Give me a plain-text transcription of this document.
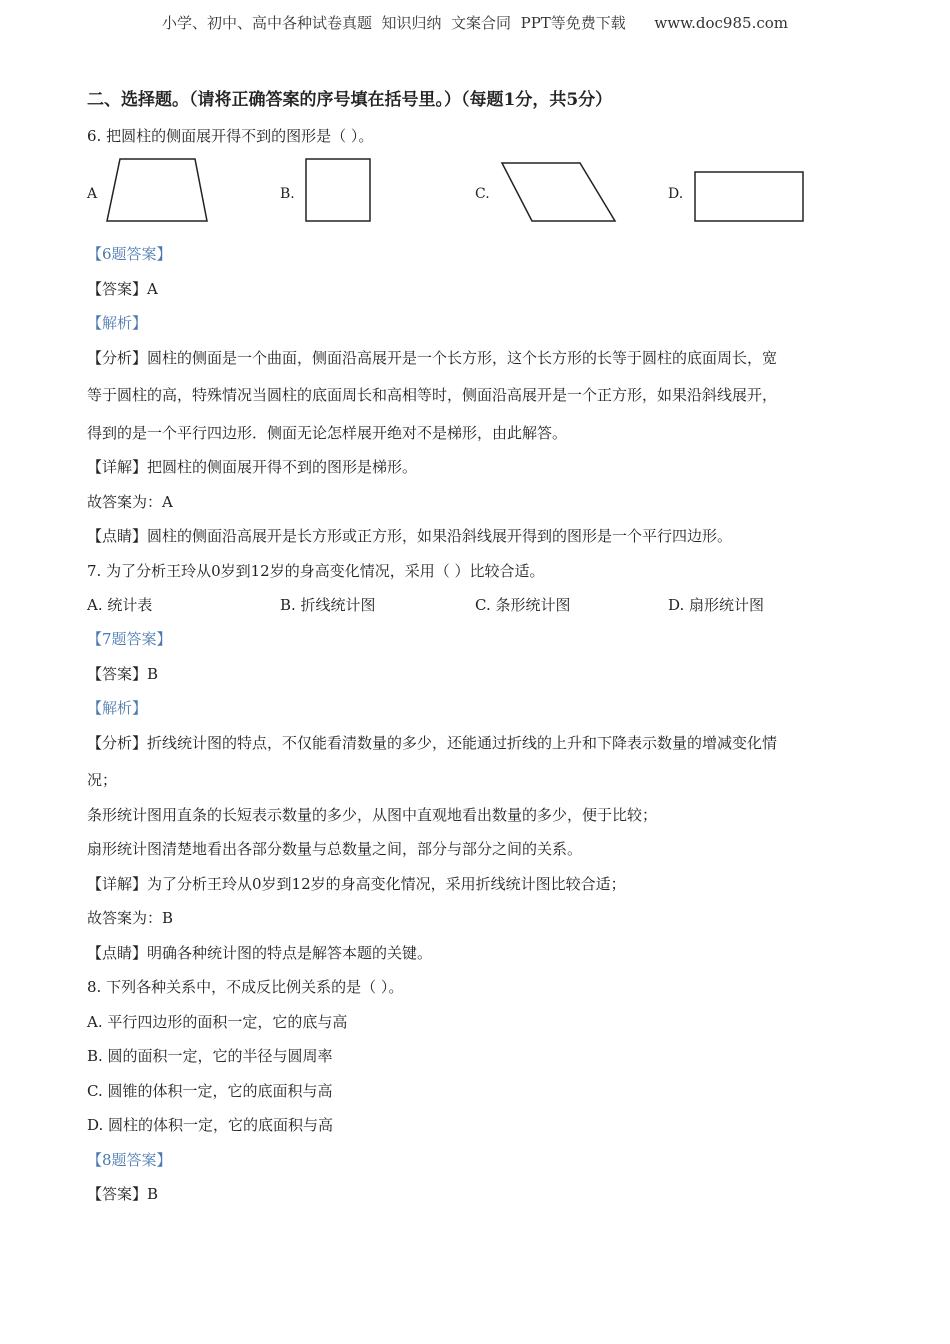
小学、初中、高中各种试卷真题  知识归纳  文案合同  PPT等免费下载      www.doc985.com
二、选择题。（请将正确答案的序号填在括号里。）（每题1分，共5分）
6. 把圆柱的侧面展开得不到的图形是（ ）。
A	B.	C.	D.
【6题答案】
【答案】A
【解析】
【分析】圆柱的侧面是一个曲面，侧面沿高展开是一个长方形，这个长方形的长等于圆柱的底面周长，宽
等于圆柱的高，特殊情况当圆柱的底面周长和高相等时，侧面沿高展开是一个正方形，如果沿斜线展开，
得到的是一个平行四边形．侧面无论怎样展开绝对不是梯形，由此解答。
【详解】把圆柱的侧面展开得不到的图形是梯形。
故答案为：A
【点睛】圆柱的侧面沿高展开是长方形或正方形，如果沿斜线展开得到的图形是一个平行四边形。
7. 为了分析王玲从0岁到12岁的身高变化情况，采用（ ）比较合适。
A. 统计表	B. 折线统计图	C. 条形统计图	D. 扇形统计图
【7题答案】
【答案】B
【解析】
【分析】折线统计图的特点，不仅能看清数量的多少，还能通过折线的上升和下降表示数量的增减变化情
况；
条形统计图用直条的长短表示数量的多少，从图中直观地看出数量的多少，便于比较；
扇形统计图清楚地看出各部分数量与总数量之间，部分与部分之间的关系。
【详解】为了分析王玲从0岁到12岁的身高变化情况，采用折线统计图比较合适；
故答案为：B
【点睛】明确各种统计图的特点是解答本题的关键。
8. 下列各种关系中，不成反比例关系的是（ ）。
A. 平行四边形的面积一定，它的底与高
B. 圆的面积一定，它的半径与圆周率
C. 圆锥的体积一定，它的底面积与高
D. 圆柱的体积一定，它的底面积与高
【8题答案】
【答案】B
